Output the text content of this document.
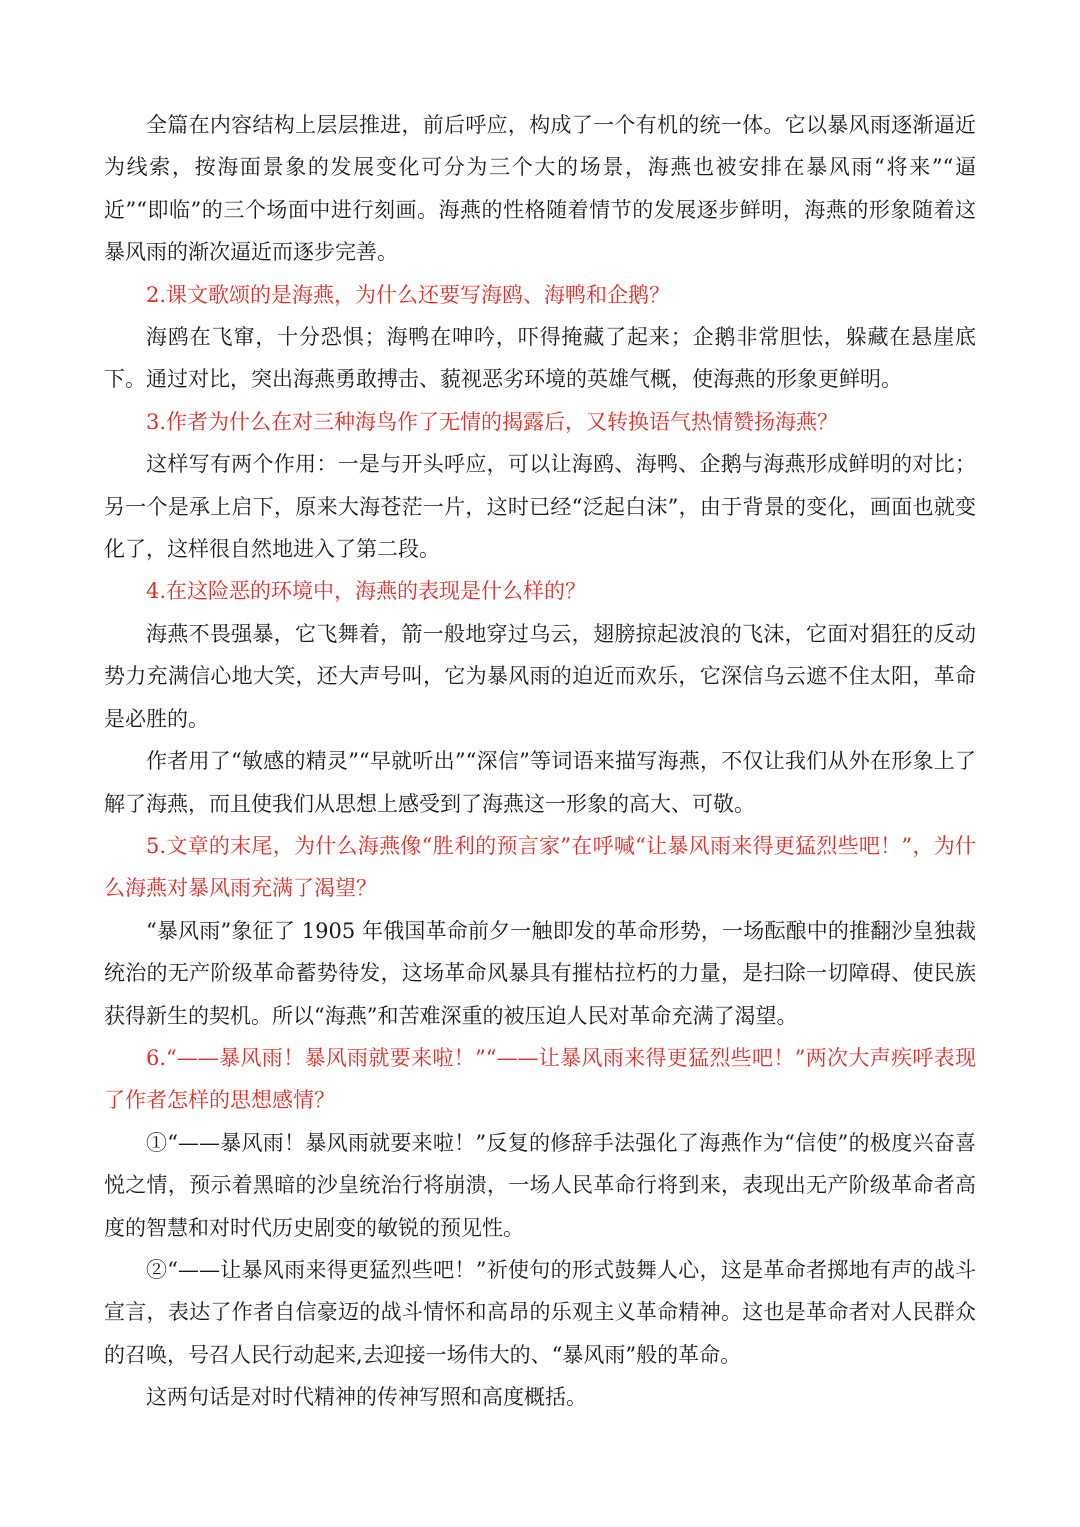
全篇在内容结构上层层推进，前后呼应，构成了一个有机的统一体。它以暴风雨逐渐逼近为线索，按海面景象的发展变化可分为三个大的场景，海燕也被安排在暴风雨“将来”“逼近”“即临”的三个场面中进行刻画。海燕的性格随着情节的发展逐步鲜明，海燕的形象随着这暴风雨的渐次逼近而逐步完善。

2.课文歌颂的是海燕，为什么还要写海鸥、海鸭和企鹅？

海鸥在飞窜，十分恐惧；海鸭在呻吟，吓得掩藏了起来；企鹅非常胆怯，躲藏在悬崖底下。通过对比，突出海燕勇敢搏击、藐视恶劣环境的英雄气概，使海燕的形象更鲜明。

3.作者为什么在对三种海鸟作了无情的揭露后，又转换语气热情赞扬海燕？

这样写有两个作用：一是与开头呼应，可以让海鸥、海鸭、企鹅与海燕形成鲜明的对比；另一个是承上启下，原来大海苍茫一片，这时已经“泛起白沫”，由于背景的变化，画面也就变化了，这样很自然地进入了第二段。

4.在这险恶的环境中，海燕的表现是什么样的？

海燕不畏强暴，它飞舞着，箭一般地穿过乌云，翅膀掠起波浪的飞沫，它面对猖狂的反动势力充满信心地大笑，还大声号叫，它为暴风雨的迫近而欢乐，它深信乌云遮不住太阳，革命是必胜的。

作者用了“敏感的精灵”“早就听出”“深信”等词语来描写海燕，不仅让我们从外在形象上了解了海燕，而且使我们从思想上感受到了海燕这一形象的高大、可敬。

5.文章的末尾，为什么海燕像“胜利的预言家”在呼喊“让暴风雨来得更猛烈些吧！”，为什么海燕对暴风雨充满了渴望？

“暴风雨”象征了 1905 年俄国革命前夕一触即发的革命形势，一场酝酿中的推翻沙皇独裁统治的无产阶级革命蓄势待发，这场革命风暴具有摧枯拉朽的力量，是扫除一切障碍、使民族获得新生的契机。所以“海燕”和苦难深重的被压迫人民对革命充满了渴望。

6.“——暴风雨！暴风雨就要来啦！”“——让暴风雨来得更猛烈些吧！”两次大声疾呼表现了作者怎样的思想感情？

①“——暴风雨！暴风雨就要来啦！”反复的修辞手法强化了海燕作为“信使”的极度兴奋喜悦之情，预示着黑暗的沙皇统治行将崩溃，一场人民革命行将到来，表现出无产阶级革命者高度的智慧和对时代历史剧变的敏锐的预见性。

②“——让暴风雨来得更猛烈些吧！”祈使句的形式鼓舞人心，这是革命者掷地有声的战斗宣言，表达了作者自信豪迈的战斗情怀和高昂的乐观主义革命精神。这也是革命者对人民群众的召唤，号召人民行动起来,去迎接一场伟大的、“暴风雨”般的革命。

这两句话是对时代精神的传神写照和高度概括。
